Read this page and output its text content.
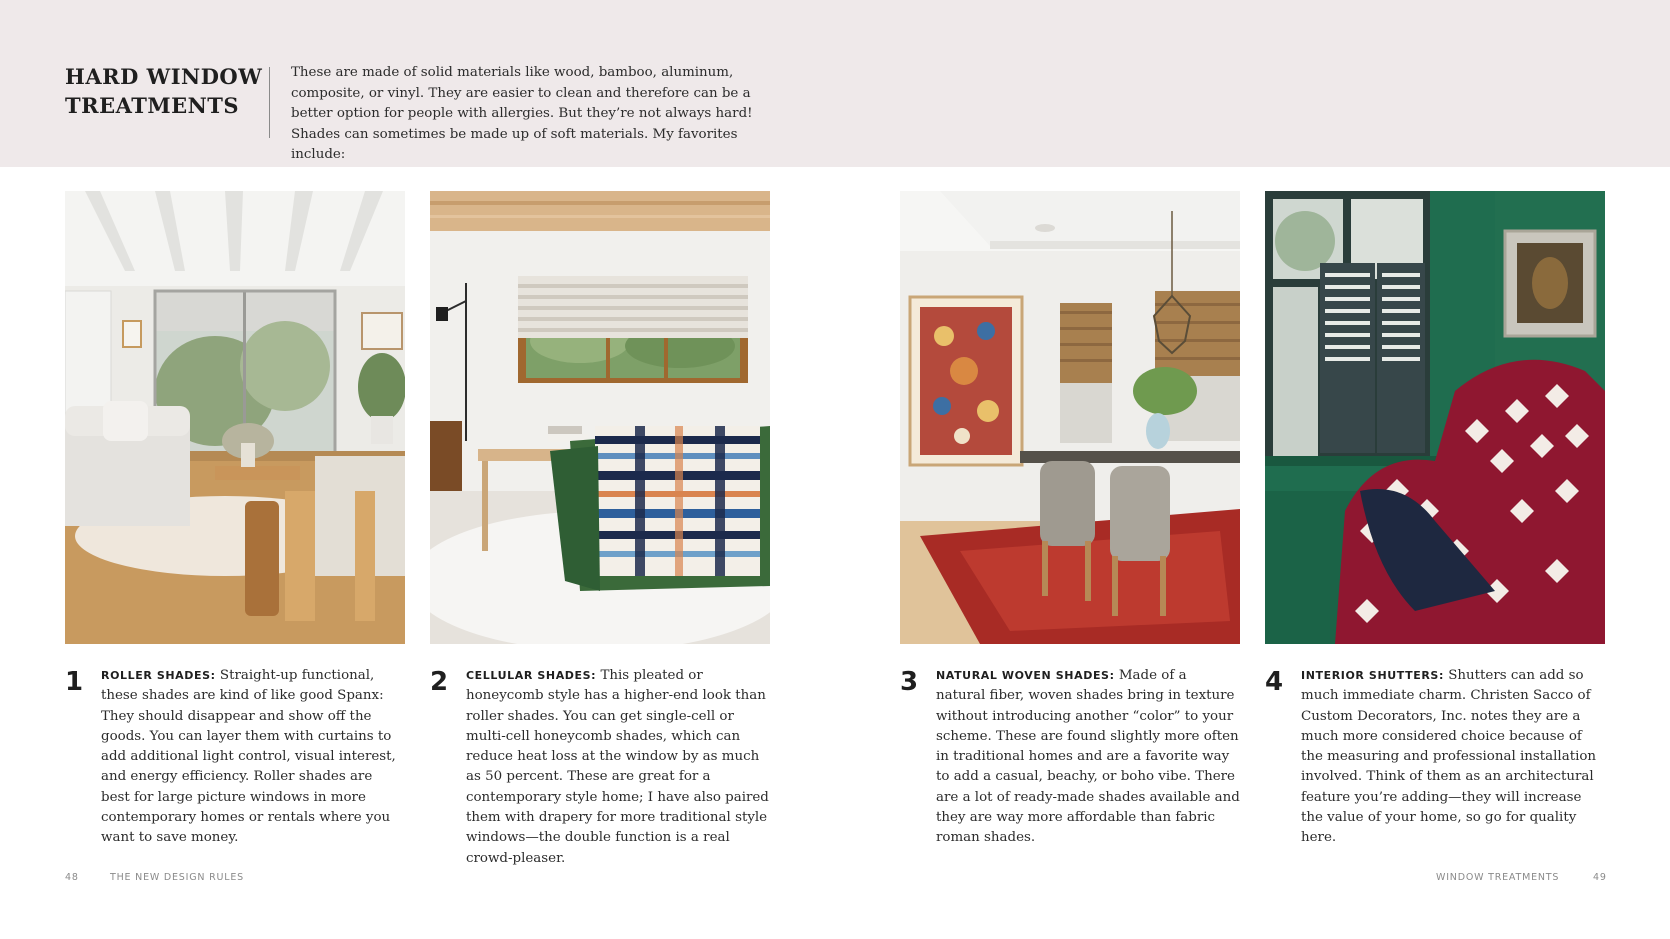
HARD WINDOW
TREATMENTS

These are made of solid materials like wood, bamboo, aluminum, composite, or vinyl. They are easier to clean and therefore can be a better option for people with allergies. But they’re not always hard! Shades can sometimes be made up of soft materials. My favorites include:

1 ROLLER SHADES: Straight-up functional, these shades are kind of like good Spanx: They should disappear and show off the goods. You can layer them with curtains to add additional light control, visual interest, and energy efficiency. Roller shades are best for large picture windows in more contemporary homes or rentals where you want to save money.

2 CELLULAR SHADES: This pleated or honeycomb style has a higher-end look than roller shades. You can get single-cell or multi-cell honeycomb shades, which can reduce heat loss at the window by as much as 50 percent. These are great for a contemporary style home; I have also paired them with drapery for more traditional style windows—the double function is a real crowd-pleaser.

3 NATURAL WOVEN SHADES: Made of a natural fiber, woven shades bring in texture without introducing another “color” to your scheme. These are found slightly more often in traditional homes and are a favorite way to add a casual, beachy, or boho vibe. There are a lot of ready-made shades available and they are way more affordable than fabric roman shades.

4 INTERIOR SHUTTERS: Shutters can add so much immediate charm. Christen Sacco of Custom Decorators, Inc. notes they are a much more considered choice because of the measuring and professional installation involved. Think of them as an architectural feature you’re adding—they will increase the value of your home, so go for quality here.

48	THE NEW DESIGN RULES	WINDOW TREATMENTS	49
